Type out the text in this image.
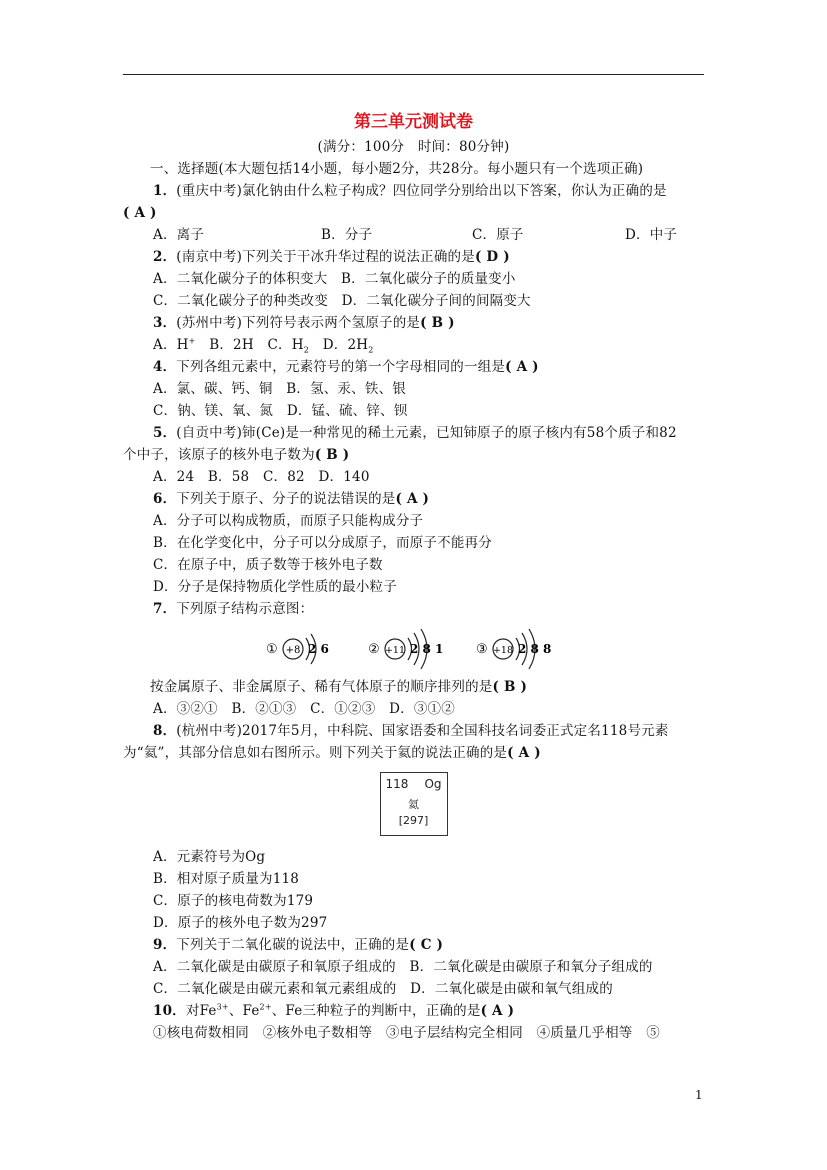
第三单元测试卷
(满分：100分　时间：80分钟)
一、选择题(本大题包括14小题，每小题2分，共28分。每小题只有一个选项正确)
1．(重庆中考)氯化钠由什么粒子构成？四位同学分别给出以下答案，你认为正确的是
( A )
A．离子	B．分子	C．原子	D．中子
2．(南京中考)下列关于干冰升华过程的说法正确的是( D )
A．二氧化碳分子的体积变大　B．二氧化碳分子的质量变小
C．二氧化碳分子的种类改变　D．二氧化碳分子间的间隔变大
3．(苏州中考)下列符号表示两个氢原子的是( B )
A．H+　 B．2H　 C．$H_2$　 D．$2H_2$
4．下列各组元素中，元素符号的第一个字母相同的一组是( A )
A．氯、碳、钙、铜　B．氢、汞、铁、银
C．钠、镁、氧、氮　D．锰、硫、锌、钡
5．(自贡中考)铈(Ce)是一种常见的稀土元素，已知铈原子的原子核内有58个质子和82
个中子，该原子的核外电子数为( B )
A．24　B．58　C．82　D．140
6．下列关于原子、分子的说法错误的是( A )
A．分子可以构成物质，而原子只能构成分子
B．在化学变化中，分子可以分成原子，而原子不能再分
C．在原子中，质子数等于核外电子数
D．分子是保持物质化学性质的最小粒子
7．下列原子结构示意图：
① +8 2 6	② +11 2 8 1	③ +18 2 8 8
按金属原子、非金属原子、稀有气体原子的顺序排列的是( B )
A．③②①　B．②①③　C．①②③　D．③①②
8．(杭州中考)2017年5月，中科院、国家语委和全国科技名词委正式定名118号元素
为“氦”，其部分信息如右图所示。则下列关于氦的说法正确的是( A )
118 Og
氦
[297]
A．元素符号为Og
B．相对原子质量为118
C．原子的核电荷数为179
D．原子的核外电子数为297
9．下列关于二氧化碳的说法中，正确的是( C )
A．二氧化碳是由碳原子和氧原子组成的　B．二氧化碳是由碳原子和氧分子组成的
C．二氧化碳是由碳元素和氧元素组成的　D．二氧化碳是由碳和氧气组成的
10．对$Fe^{3+}$、$Fe^{2+}$、Fe三种粒子的判断中，正确的是( A )
①核电荷数相同　②核外电子数相等　③电子层结构完全相同　④质量几乎相等　⑤
1
